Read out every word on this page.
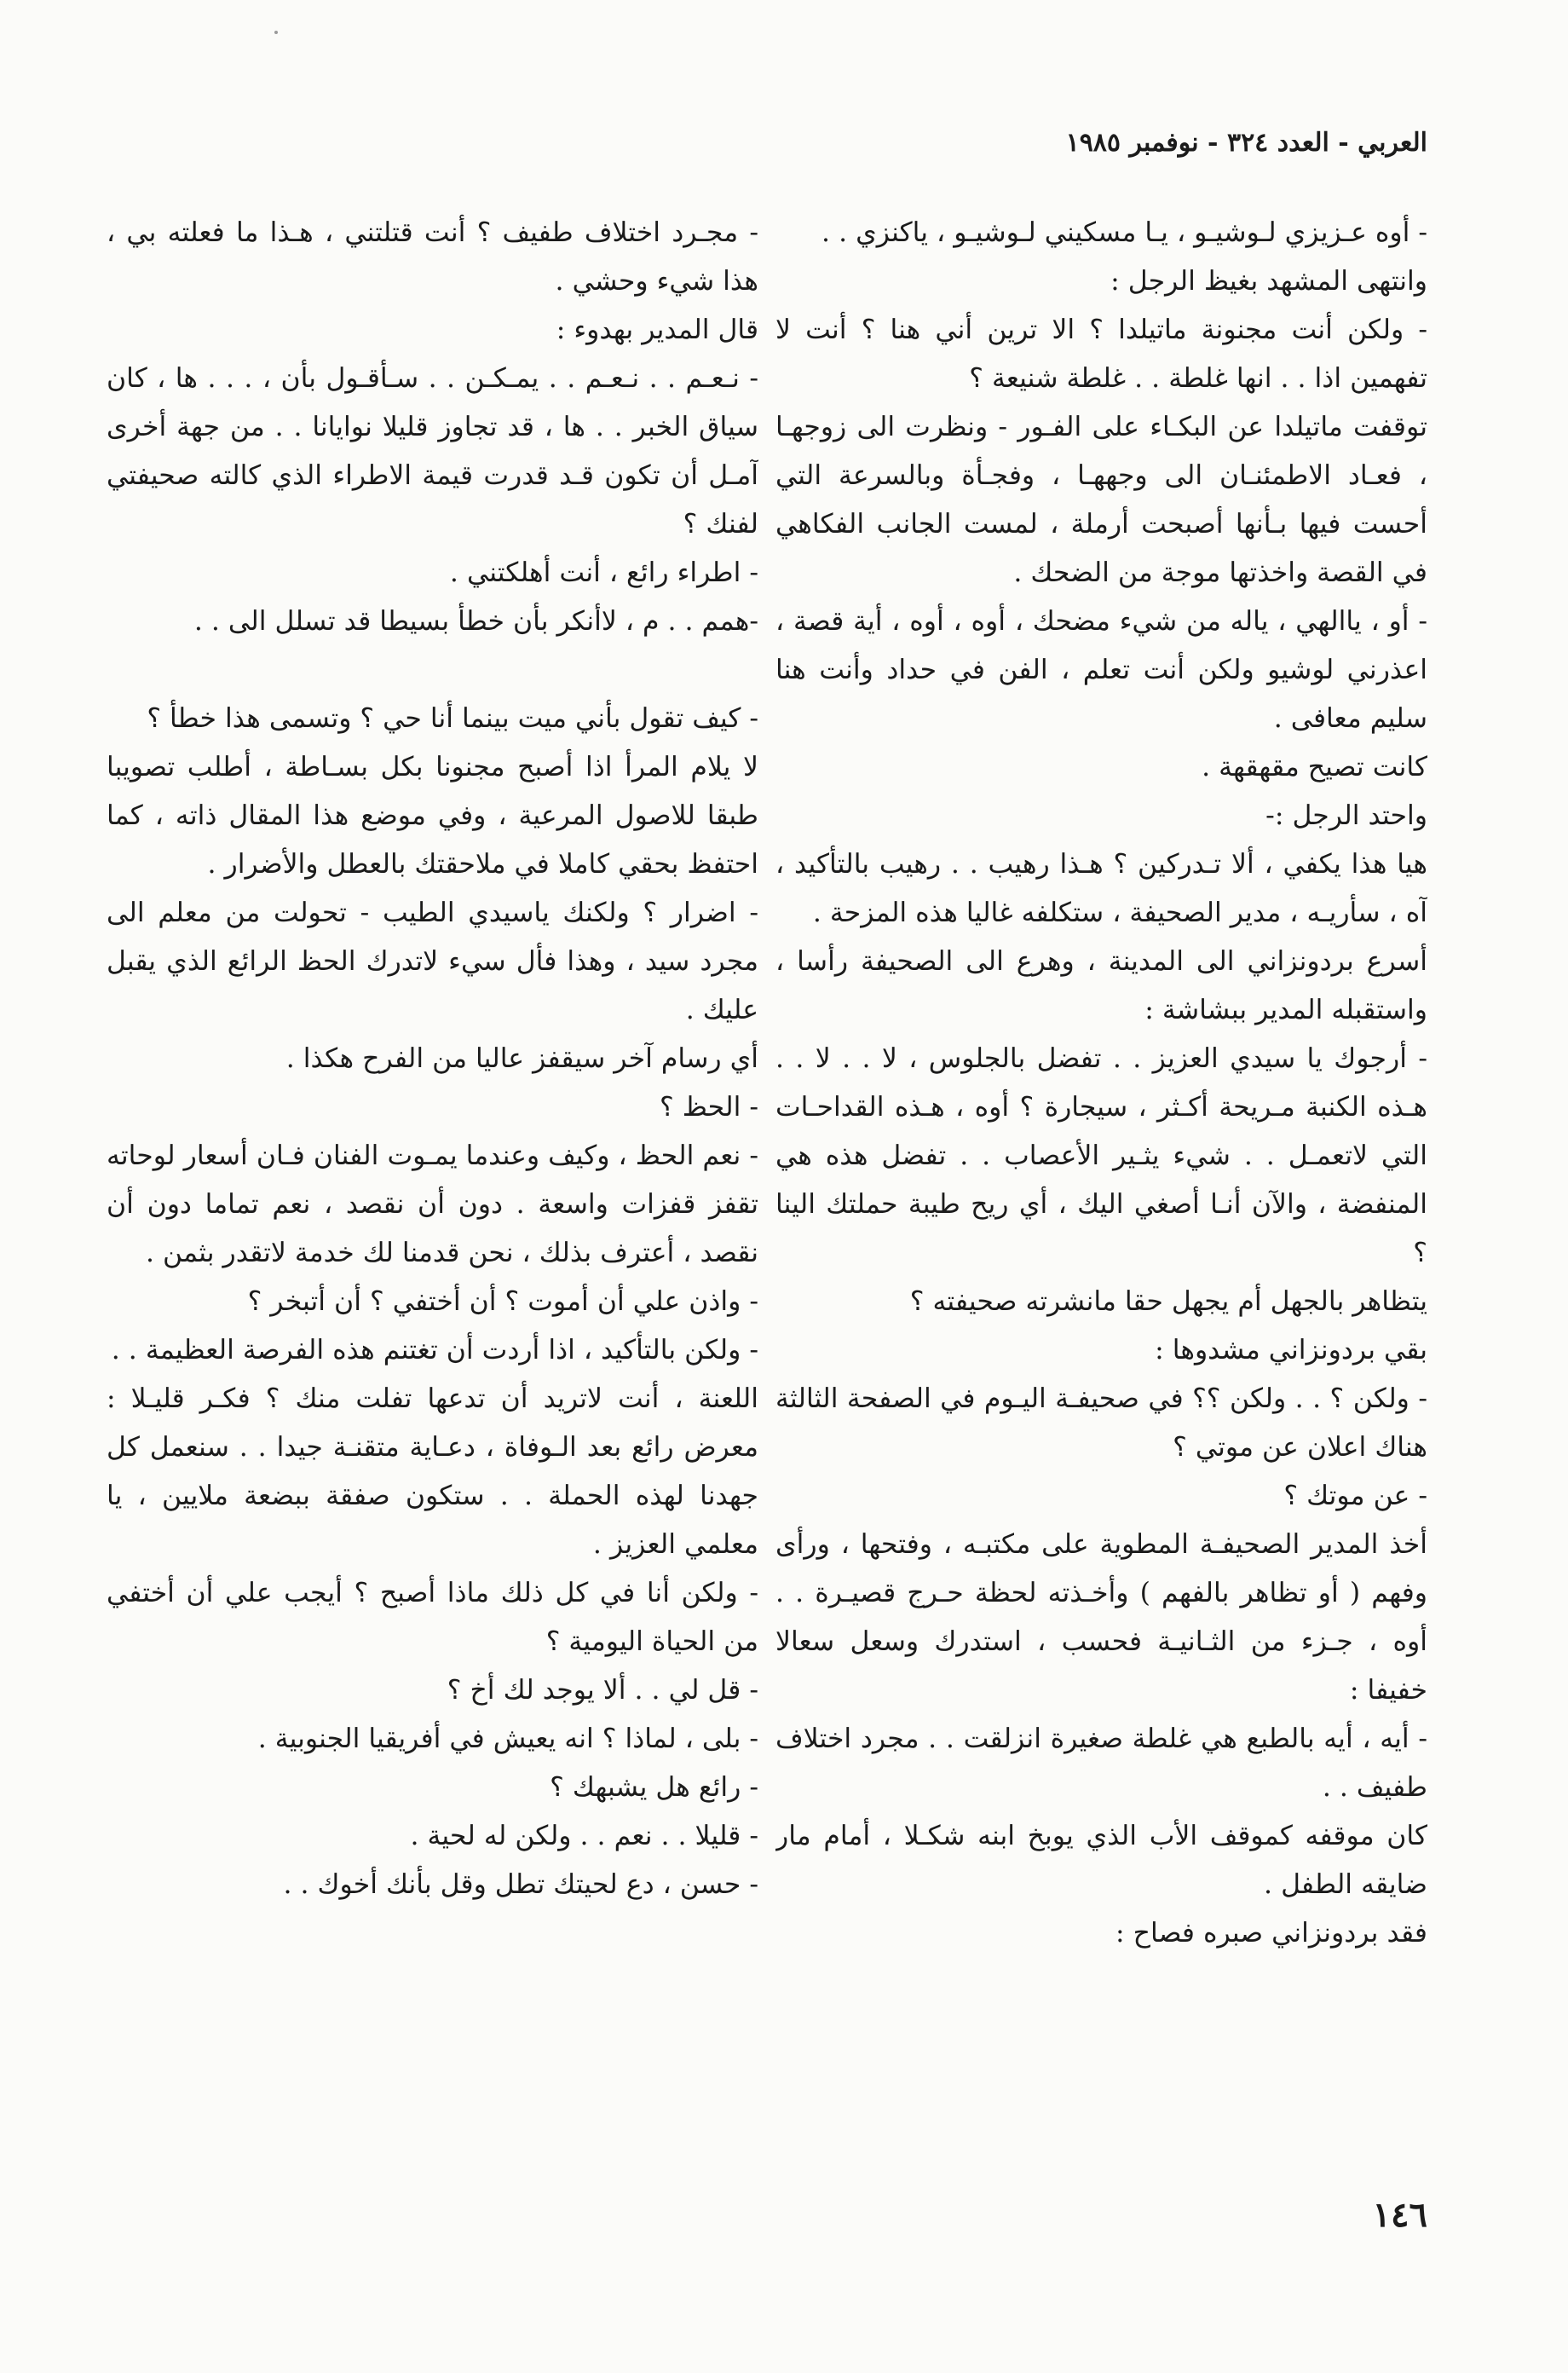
العربي - العدد ٣٢٤ - نوفمبر ١٩٨٥

- أوه عـزيزي لـوشيـو ، يـا مسكيني لـوشيـو ، ياكنزي . .

وانتهى المشهد بغيظ الرجل :

- ولكن أنت مجنونة ماتيلدا ؟ الا ترين أني هنا ؟ أنت لا تفهمين اذا . . انها غلطة . . غلطة شنيعة ؟

توقفت ماتيلدا عن البكـاء على الفـور - ونظرت الى زوجهـا ، فعـاد الاطمئنـان الى وجههـا ، وفجـأة وبالسرعة التي أحست فيها بـأنها أصبحت أرملة ، لمست الجانب الفكاهي في القصة واخذتها موجة من الضحك .

- أو ، ياالهي ، ياله من شيء مضحك ، أوه ، أوه ، أية قصة ، اعذرني لوشيو ولكن أنت تعلم ، الفن في حداد وأنت هنا سليم معافى .

كانت تصيح مقهقهة .

واحتد الرجل :-

هيا هذا يكفي ، ألا تـدركين ؟ هـذا رهيب . . رهيب بالتأكيد ، آه ، سأريـه ، مدير الصحيفة ، ستكلفه غاليا هذه المزحة .

أسرع بردونزاني الى المدينة ، وهرع الى الصحيفة رأسا ، واستقبله المدير ببشاشة :

- أرجوك يا سيدي العزيز . . تفضل بالجلوس ، لا . . لا . . هـذه الكنبة مـريحة أكـثر ، سيجارة ؟ أوه ، هـذه القداحـات التي لاتعمـل . . شيء يثـير الأعصاب . . تفضل هذه هي المنفضة ، والآن أنـا أصغي اليك ، أي ريح طيبة حملتك الينا ؟

يتظاهر بالجهل أم يجهل حقا مانشرته صحيفته ؟

بقي بردونزاني مشدوها :

- ولكن ؟ . . ولكن ؟؟ في صحيفـة اليـوم في الصفحة الثالثة هناك اعلان عن موتي ؟

- عن موتك ؟

أخذ المدير الصحيفـة المطوية على مكتبـه ، وفتحها ، ورأى وفهم ( أو تظاهر بالفهم ) وأخـذته لحظة حـرج قصيـرة . . أوه ، جـزء من الثـانيـة فحسب ، استدرك وسعل سعالا خفيفا :

- أيه ، أيه بالطبع هي غلطة صغيرة انزلقت . . مجرد اختلاف طفيف . .

كان موقفه كموقف الأب الذي يوبخ ابنه شكـلا ، أمام مار ضايقه الطفل .

فقد بردونزاني صبره فصاح :

- مجـرد اختلاف طفيف ؟ أنت قتلتني ، هـذا ما فعلته بي ، هذا شيء وحشي .

قال المدير بهدوء :

- نـعـم . . نـعـم . . يمـكـن . . سـأقـول بأن ، . . . ها ، كان سياق الخبر . . ها ، قد تجاوز قليلا نوايانا . . من جهة أخرى آمـل أن تكون قـد قدرت قيمة الاطراء الذي كالته صحيفتي لفنك ؟

- اطراء رائع ، أنت أهلكتني .

-همم . . م ، لاأنكر بأن خطأ بسيطا قد تسلل الى . .

- كيف تقول بأني ميت بينما أنا حي ؟ وتسمى هذا خطأ ؟

لا يلام المرأ اذا أصبح مجنونا بكل بسـاطة ، أطلب تصويبا طبقا للاصول المرعية ، وفي موضع هذا المقال ذاته ، كما احتفظ بحقي كاملا في ملاحقتك بالعطل والأضرار .

- اضرار ؟ ولكنك ياسيدي الطيب - تحولت من معلم الى مجرد سيد ، وهذا فأل سيء لاتدرك الحظ الرائع الذي يقبل عليك .

أي رسام آخر سيقفز عاليا من الفرح هكذا .

- الحظ ؟

- نعم الحظ ، وكيف وعندما يمـوت الفنان فـان أسعار لوحاته تقفز قفزات واسعة . دون أن نقصد ، نعم تماما دون أن نقصد ، أعترف بذلك ، نحن قدمنا لك خدمة لاتقدر بثمن .

- واذن علي أن أموت ؟ أن أختفي ؟ أن أتبخر ؟

- ولكن بالتأكيد ، اذا أردت أن تغتنم هذه الفرصة العظيمة . .

اللعنة ، أنت لاتريد أن تدعها تفلت منك ؟ فكـر قليـلا : معرض رائع بعد الـوفاة ، دعـاية متقنـة جيدا . . سنعمل كل جهدنا لهذه الحملة . . ستكون صفقة ببضعة ملايين ، يا معلمي العزيز .

- ولكن أنا في كل ذلك ماذا أصبح ؟ أيجب علي أن أختفي من الحياة اليومية ؟

- قل لي . . ألا يوجد لك أخ ؟

- بلى ، لماذا ؟ انه يعيش في أفريقيا الجنوبية .

- رائع هل يشبهك ؟

- قليلا . . نعم . . ولكن له لحية .

- حسن ، دع لحيتك تطل وقل بأنك أخوك . .

١٤٦
